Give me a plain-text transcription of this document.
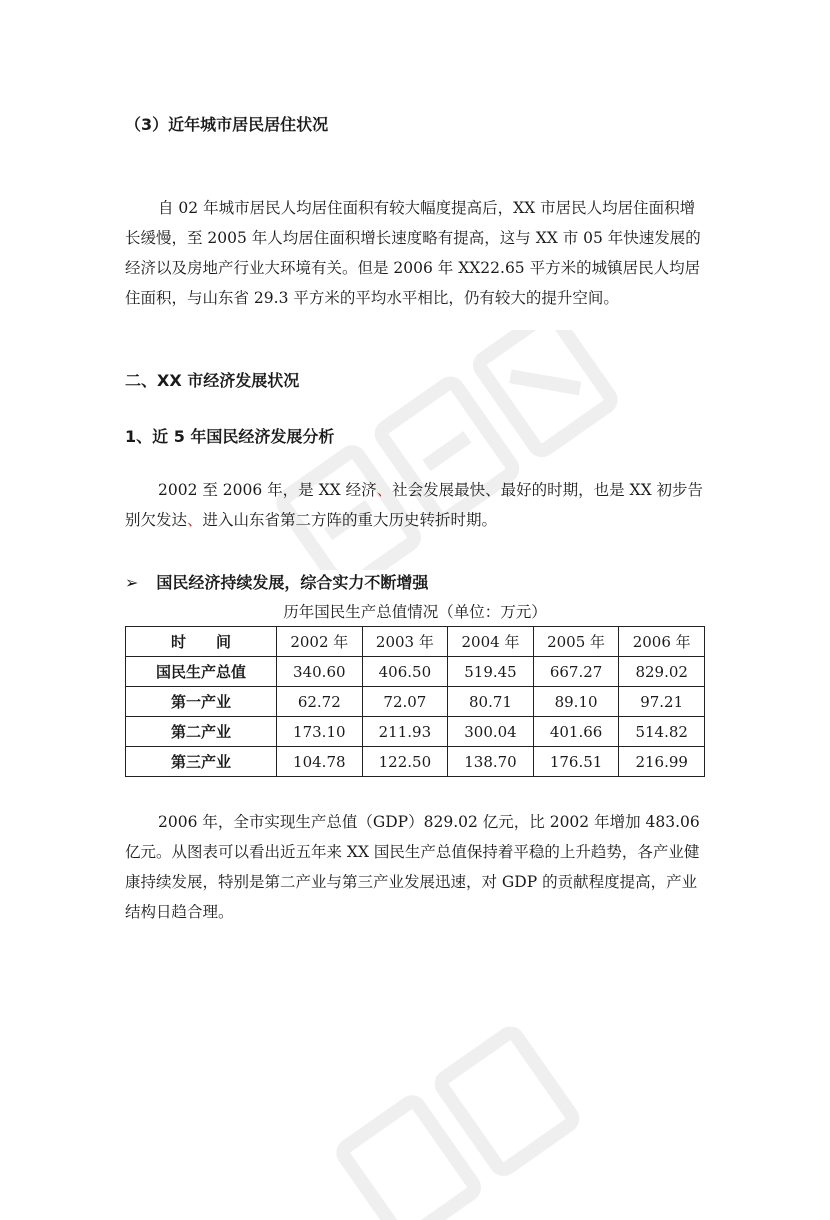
（3）近年城市居民居住状况

自 02 年城市居民人均居住面积有较大幅度提高后，XX 市居民人均居住面积增长缓慢，至 2005 年人均居住面积增长速度略有提高，这与 XX 市 05 年快速发展的经济以及房地产行业大环境有关。但是 2006 年 XX22.65 平方米的城镇居民人均居住面积，与山东省 29.3 平方米的平均水平相比，仍有较大的提升空间。

二、XX 市经济发展状况
1、近 5 年国民经济发展分析

2002 至 2006 年，是 XX 经济、社会发展最快、最好的时期，也是 XX 初步告别欠发达、进入山东省第二方阵的重大历史转折时期。

➢ 国民经济持续发展，综合实力不断增强
历年国民生产总值情况（单位：万元）
时　　间	2002 年	2003 年	2004 年	2005 年	2006 年
国民生产总值	340.60	406.50	519.45	667.27	829.02
第一产业	62.72	72.07	80.71	89.10	97.21
第二产业	173.10	211.93	300.04	401.66	514.82
第三产业	104.78	122.50	138.70	176.51	216.99

2006 年，全市实现生产总值（GDP）829.02 亿元，比 2002 年增加 483.06 亿元。从图表可以看出近五年来 XX 国民生产总值保持着平稳的上升趋势，各产业健康持续发展，特别是第二产业与第三产业发展迅速，对 GDP 的贡献程度提高，产业结构日趋合理。
